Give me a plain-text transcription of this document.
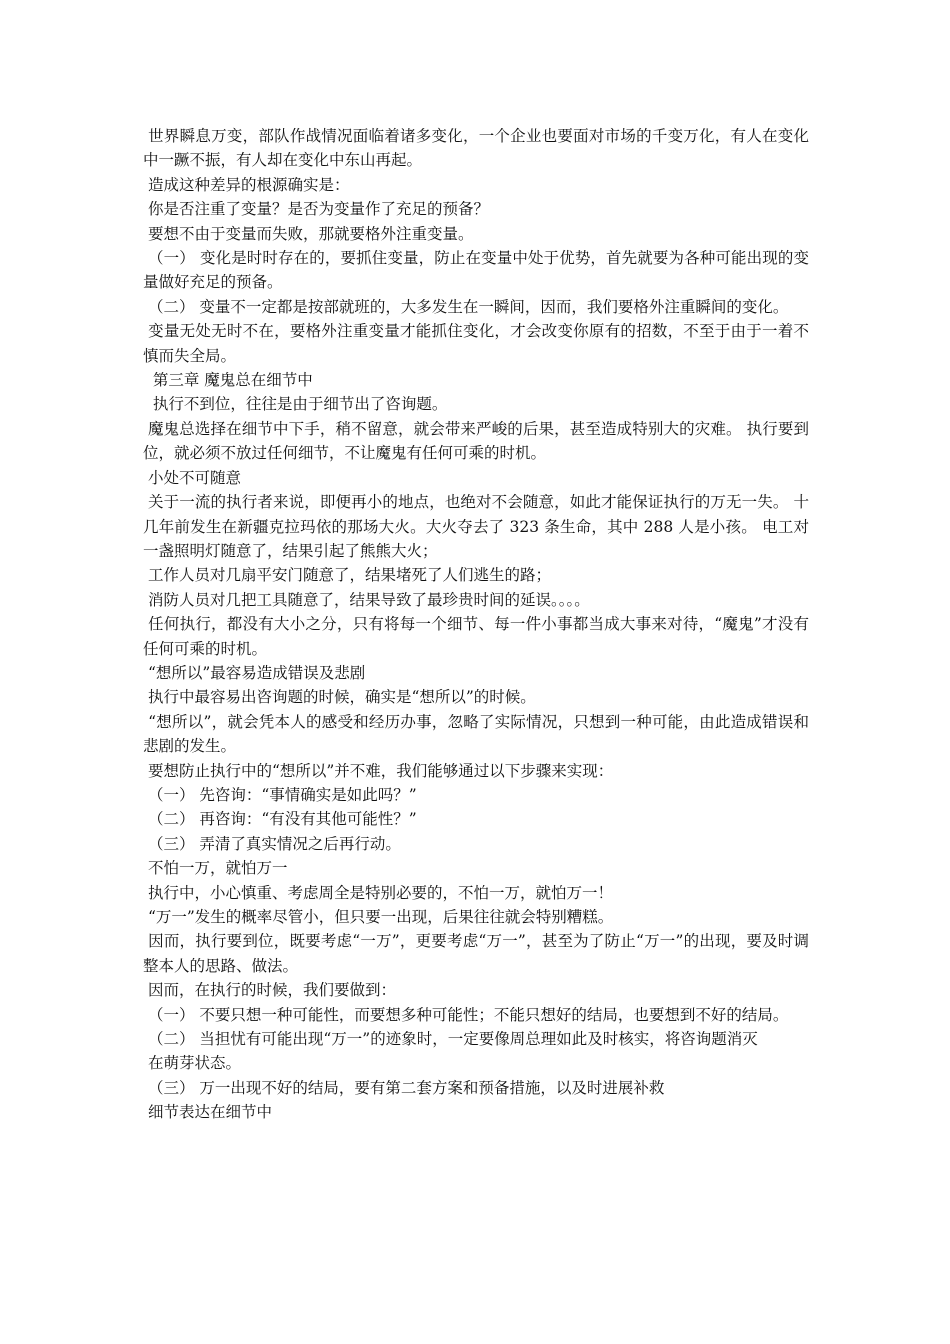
世界瞬息万变，部队作战情况面临着诸多变化，一个企业也要面对市场的千变万化，有人在变化中一蹶不振，有人却在变化中东山再起。

造成这种差异的根源确实是：

你是否注重了变量？是否为变量作了充足的预备？

要想不由于变量而失败，那就要格外注重变量。

（一） 变化是时时存在的，要抓住变量，防止在变量中处于优势，首先就要为各种可能出现的变量做好充足的预备。

（二） 变量不一定都是按部就班的，大多发生在一瞬间，因而，我们要格外注重瞬间的变化。

变量无处无时不在，要格外注重变量才能抓住变化，才会改变你原有的招数，不至于由于一着不慎而失全局。

第三章 魔鬼总在细节中

执行不到位，往往是由于细节出了咨询题。

魔鬼总选择在细节中下手，稍不留意，就会带来严峻的后果，甚至造成特别大的灾难。 执行要到位，就必须不放过任何细节，不让魔鬼有任何可乘的时机。

小处不可随意

关于一流的执行者来说，即便再小的地点，也绝对不会随意，如此才能保证执行的万无一失。 十几年前发生在新疆克拉玛依的那场大火。大火夺去了 323 条生命，其中 288 人是小孩。 电工对一盏照明灯随意了，结果引起了熊熊大火；

工作人员对几扇平安门随意了，结果堵死了人们逃生的路；

消防人员对几把工具随意了，结果导致了最珍贵时间的延误。。。。

任何执行，都没有大小之分，只有将每一个细节、每一件小事都当成大事来对待，“魔鬼”才没有任何可乘的时机。

“想所以”最容易造成错误及悲剧

执行中最容易出咨询题的时候，确实是“想所以”的时候。

“想所以”，就会凭本人的感受和经历办事，忽略了实际情况，只想到一种可能，由此造成错误和悲剧的发生。

要想防止执行中的“想所以”并不难，我们能够通过以下步骤来实现：

（一） 先咨询：“事情确实是如此吗？”

（二） 再咨询：“有没有其他可能性？”

（三） 弄清了真实情况之后再行动。

不怕一万，就怕万一

执行中，小心慎重、考虑周全是特别必要的，不怕一万，就怕万一！

“万一”发生的概率尽管小，但只要一出现，后果往往就会特别糟糕。

因而，执行要到位，既要考虑“一万”，更要考虑“万一”，甚至为了防止“万一”的出现，要及时调整本人的思路、做法。

因而，在执行的时候，我们要做到：

（一） 不要只想一种可能性，而要想多种可能性；不能只想好的结局，也要想到不好的结局。

（二） 当担忧有可能出现“万一”的迹象时，一定要像周总理如此及时核实，将咨询题消灭

在萌芽状态。

（三） 万一出现不好的结局，要有第二套方案和预备措施，以及时进展补救

细节表达在细节中
